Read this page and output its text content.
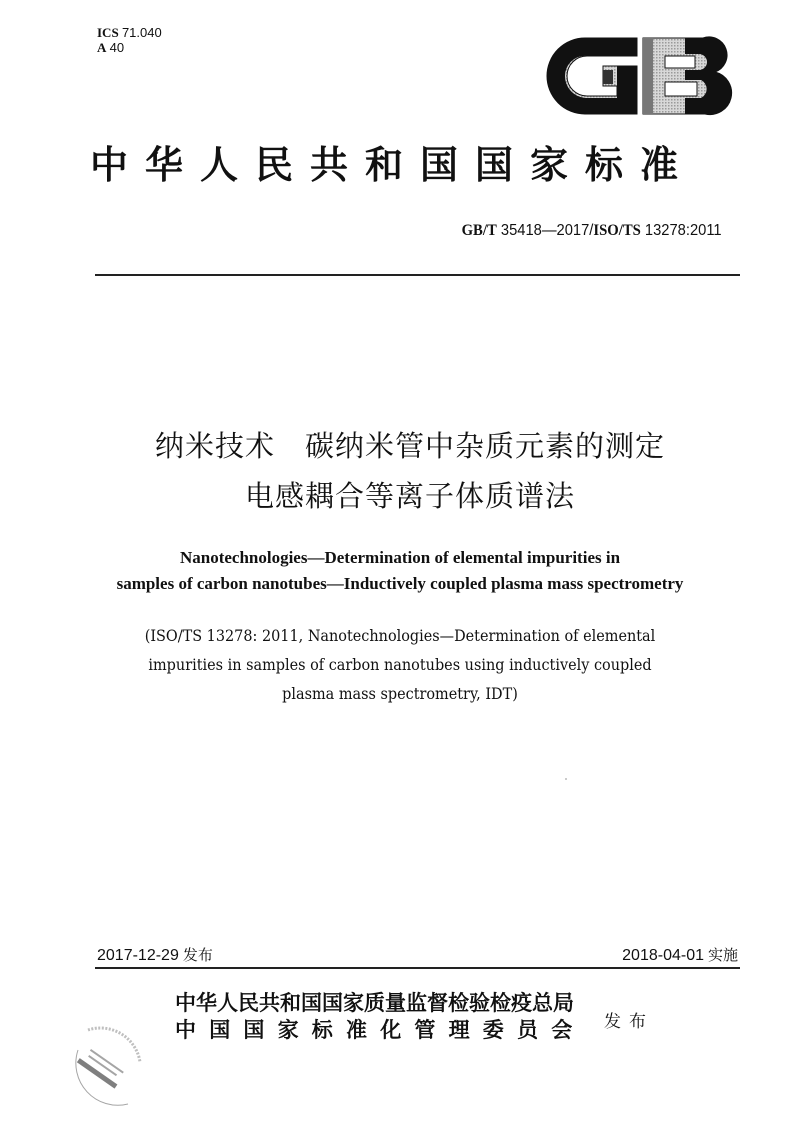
ICS 71.040
A 40
中华人民共和国国家标准
GB/T 35418—2017/ISO/TS 13278:2011
纳米技术　碳纳米管中杂质元素的测定
电感耦合等离子体质谱法
Nanotechnologies—Determination of elemental impurities in
samples of carbon nanotubes—Inductively coupled plasma mass spectrometry
(ISO/TS 13278: 2011, Nanotechnologies—Determination of elemental
impurities in samples of carbon nanotubes using inductively coupled
plasma mass spectrometry, IDT)
2017-12-29 发布	2018-04-01 实施
中华人民共和国国家质量监督检验检疫总局
中国国家标准化管理委员会 发布
